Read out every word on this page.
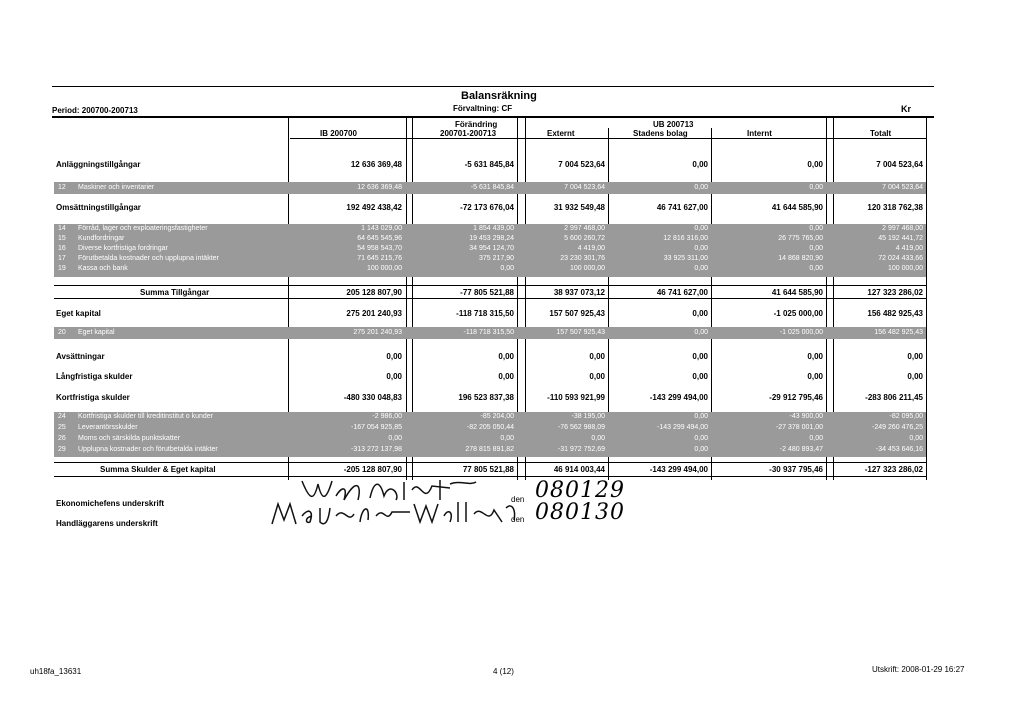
Balansräkning
Period: 200700-200713	Förvaltning: CF	Kr
Förändring	UB 200713
IB 200700	200701-200713	Externt	Stadens bolag	Internt	Totalt
Anläggningstillgångar	12 636 369,48	-5 631 845,84	7 004 523,64	0,00	0,00	7 004 523,64
12 Maskiner och inventarier	12 636 369,48	-5 631 845,84	7 004 523,64	0,00	0,00	7 004 523,64
Omsättningstillgångar	192 492 438,42	-72 173 676,04	31 932 549,48	46 741 627,00	41 644 585,90	120 318 762,38
14 Förråd, lager och exploateringsfastigheter	1 143 029,00	1 854 439,00	2 997 468,00	0,00	0,00	2 997 468,00
15 Kundfordringar	64 645 545,96	19 453 298,24	5 600 260,72	12 816 316,00	26 775 765,00	45 192 441,72
16 Diverse kortfristiga fordringar	54 958 543,70	34 954 124,70	4 419,00	0,00	0,00	4 419,00
17 Förutbetalda kostnader och upplupna intäkter	71 645 215,76	375 217,90	23 230 301,76	33 925 311,00	14 868 820,90	72 024 433,66
19 Kassa och bank	100 000,00	0,00	100 000,00	0,00	0,00	100 000,00
Summa Tillgångar	205 128 807,90	-77 805 521,88	38 937 073,12	46 741 627,00	41 644 585,90	127 323 286,02
Eget kapital	275 201 240,93	-118 718 315,50	157 507 925,43	0,00	-1 025 000,00	156 482 925,43
20 Eget kapital	275 201 240,93	-118 718 315,50	157 507 925,43	0,00	-1 025 000,00	156 482 925,43
Avsättningar	0,00	0,00	0,00	0,00	0,00	0,00
Långfristiga skulder	0,00	0,00	0,00	0,00	0,00	0,00
Kortfristiga skulder	-480 330 048,83	196 523 837,38	-110 593 921,99	-143 299 494,00	-29 912 795,46	-283 806 211,45
24 Kortfristiga skulder till kreditinstitut o kunder	-2 986,00	-85 204,00	-38 195,00	0,00	-43 900,00	-82 095,00
25 Leverantörsskulder	-167 054 925,85	-82 205 050,44	-76 562 988,09	-143 299 494,00	-27 378 001,00	-249 260 476,25
26 Moms och särskilda punktskatter	0,00	0,00	0,00	0,00	0,00	0,00
29 Upplupna kostnader och förutbetalda intäkter	-313 272 137,98	278 815 891,82	-31 972 752,69	0,00	-2 480 893,47	-34 453 646,16
Summa Skulder & Eget kapital	-205 128 807,90	77 805 521,88	46 914 003,44	-143 299 494,00	-30 937 795,46	-127 323 286,02
Ekonomichefens underskrift
Handläggarens underskrift
den 080129
den 080130
uh18fa_13631	4 (12)	Utskrift: 2008-01-29 16:27
